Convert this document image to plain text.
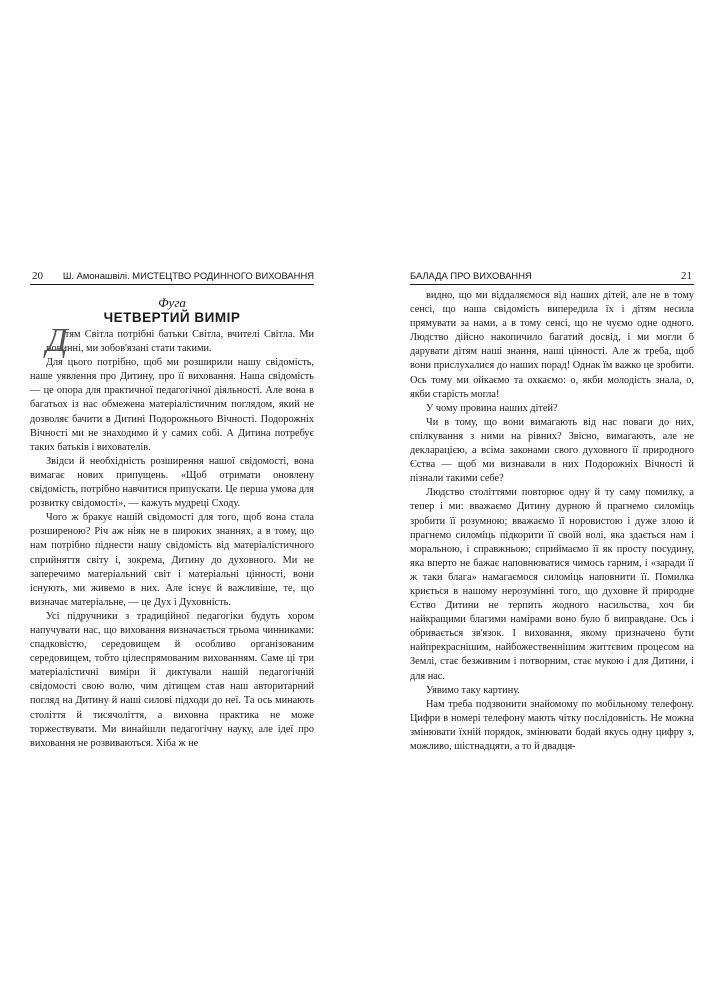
20 Ш. Амонашвілі. МИСТЕЦТВО РОДИННОГО ВИХОВАННЯ
Фуга
ЧЕТВЕРТИЙ ВИМІР
Д
ітям Світла потрібні батьки Світла, вчителі Світла. Ми повинні, ми зобов'язані стати такими.
Для цього потрібно, щоб ми розширили нашу свідомість, наше уявлення про Дитину, про її виховання. Наша свідомість — це опора для практичної педагогічної діяльності. Але вона в багатьох із нас обмежена матеріалістичним поглядом, який не дозволяє бачити в Дитині Подорожнього Вічності. Подорожніх Вічності ми не знаходимо й у самих собі. А Дитина потребує таких батьків і вихователів.
Звідси й необхідність розширення нашої свідомості, вона вимагає нових припущень. «Щоб отримати оновлену свідомість, потрібно навчитися припускати. Це перша умова для розвитку свідомості», — кажуть мудреці Сходу.
Чого ж бракує нашій свідомості для того, щоб вона стала розширеною? Річ аж ніяк не в широких знаннях, а в тому, що нам потрібно піднести нашу свідомість від матеріалістичного сприйняття світу і, зокрема, Дитину до духовного. Ми не заперечимо матеріальний світ і матеріальні цінності, вони існують, ми живемо в них. Але існує й важливіше, те, що визначає матеріальне, — це Дух і Духовність.
Усі підручники з традиційної педагогіки будуть хором напучувати нас, що виховання визначається трьома чинниками: спадковістю, середовищем й особливо організованим середовищем, тобто цілеспрямованим вихованням. Саме ці три матеріалістичні виміри й диктували нашій педагогічній свідомості свою волю, чим дітищем став наш авторитарний погляд на Дитину й наші силові підходи до неї. Та ось минають століття й тисячоліття, а виховна практика не може торжествувати. Ми винайшли педагогічну науку, але ідеї про виховання не розвиваються. Хіба ж не
БАЛАДА ПРО ВИХОВАННЯ	21
видно, що ми віддаляємося від наших дітей, але не в тому сенсі, що наша свідомість випередила їх і дітям несила прямувати за нами, а в тому сенсі, що не чуємо одне одного. Людство дійсно накопичило багатий досвід, і ми могли б дарувати дітям наші знання, наші цінності. Але ж треба, щоб вони прислухалися до наших порад! Однак їм важко це зробити. Ось тому ми ойкаємо та охкаємо: о, якби молодість знала, о, якби старість могла!
У чому провина наших дітей?
Чи в тому, що вони вимагають від нас поваги до них, спілкування з ними на рівних? Звісно, вимагають, але не декларацією, а всіма законами свого духовного її природного Єства — щоб ми визнавали в них Подорожніх Вічності й пізнали такими себе?
Людство століттями повторює одну й ту саму помилку, а тепер і ми: вважаємо Дитину дурною й прагнемо силоміць зробити її розумною; вважаємо її норовистою і дуже злою й прагнемо силоміць підкорити її своїй волі, яка здається нам і моральною, і справжньою; сприймаємо її як просту посудину, яка вперто не бажає наповнюватися чимось гарним, і «заради її ж таки блага» намагаємося силоміць наповнити її. Помилка криється в нашому нерозумінні того, що духовне й природне Єство Дитини не терпить жодного насильства, хоч би найкращими благими намірами воно було б виправдане. Ось і обривається зв'язок. І виховання, якому призначено бути найпрекраснішим, найбожественнішим життєвим процесом на Землі, стає безживним і потворним, стає мукою і для Дитини, і для нас.
Уявимо таку картину.
Нам треба подзвонити знайомому по мобільному телефону. Цифри в номері телефону мають чітку послідовність. Не можна змінювати їхній порядок, змінювати бодай якусь одну цифру з, можливо, шістнадцяти, а то й двадця-
